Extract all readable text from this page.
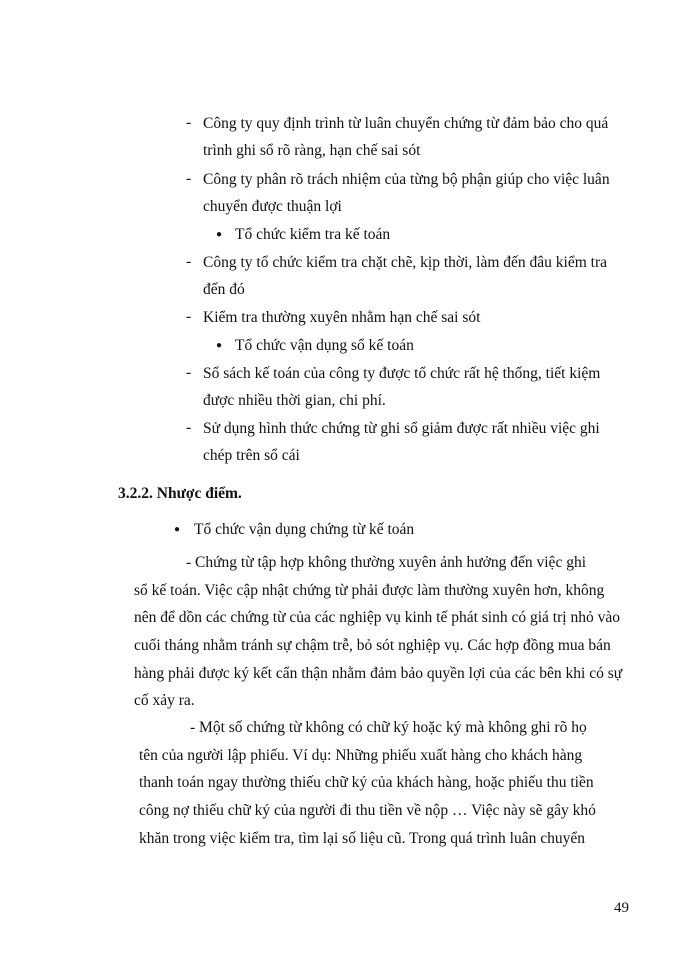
- Công ty quy định trình từ luân chuyển chứng từ đảm bảo cho quá
trình ghi sổ rõ ràng, hạn chế sai sót
- Công ty phân rõ trách nhiệm của từng bộ phận giúp cho việc luân
chuyển được thuận lợi
● Tổ chức kiểm tra kế toán
- Công ty tổ chức kiểm tra chặt chẽ, kịp thời, làm đến đâu kiểm tra
đến đó
- Kiểm tra thường xuyên nhằm hạn chế sai sót
● Tổ chức vận dụng sổ kế toán
- Sổ sách kế toán của công ty được tổ chức rất hệ thống, tiết kiệm
được nhiều thời gian, chi phí.
- Sử dụng hình thức chứng từ ghi sổ giảm được rất nhiều việc ghi
chép trên sổ cái
3.2.2. Nhược điểm.
● Tổ chức vận dụng chứng từ kế toán
- Chứng từ tập hợp không thường xuyên ảnh hưởng đến việc ghi
sổ kế toán. Việc cập nhật chứng từ phải được làm thường xuyên hơn, không
nên để dồn các chứng từ của các nghiệp vụ kinh tế phát sinh có giá trị nhỏ vào
cuối tháng nhằm tránh sự chậm trễ, bỏ sót nghiệp vụ. Các hợp đồng mua bán
hàng phải được ký kết cẩn thận nhằm đảm bảo quyền lợi của các bên khi có sự
cố xảy ra.
- Một số chứng từ không có chữ ký hoặc ký mà không ghi rõ họ
tên của người lập phiếu. Ví dụ: Những phiếu xuất hàng cho khách hàng
thanh toán ngay thường thiếu chữ ký của khách hàng, hoặc phiếu thu tiền
công nợ thiếu chữ ký của người đi thu tiền về nộp … Việc này sẽ gây khó
khăn trong việc kiểm tra, tìm lại số liệu cũ. Trong quá trình luân chuyển
49
